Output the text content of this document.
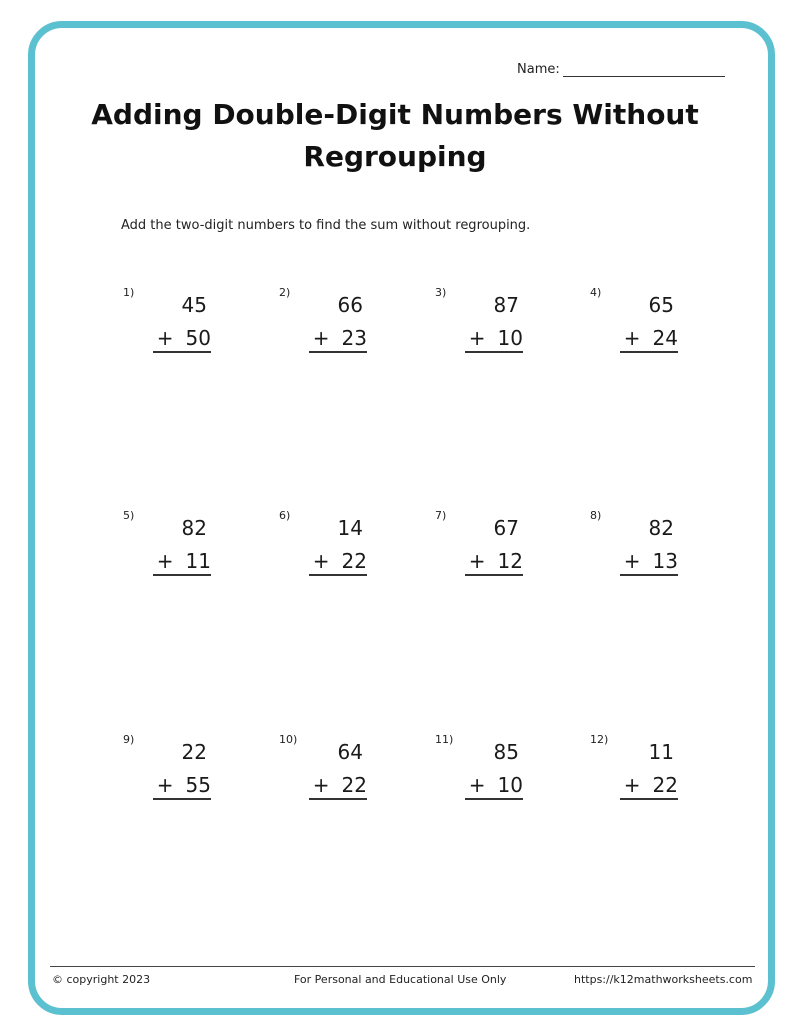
Name:
Adding Double-Digit Numbers Without Regrouping
Add the two-digit numbers to find the sum without regrouping.
1)
45
+ 50
2)
66
+ 23
3)
87
+ 10
4)
65
+ 24
5)
82
+ 11
6)
14
+ 22
7)
67
+ 12
8)
82
+ 13
9)
22
+ 55
10)
64
+ 22
11)
85
+ 10
12)
11
+ 22
© copyright 2023	For Personal and Educational Use Only	https://k12mathworksheets.com
